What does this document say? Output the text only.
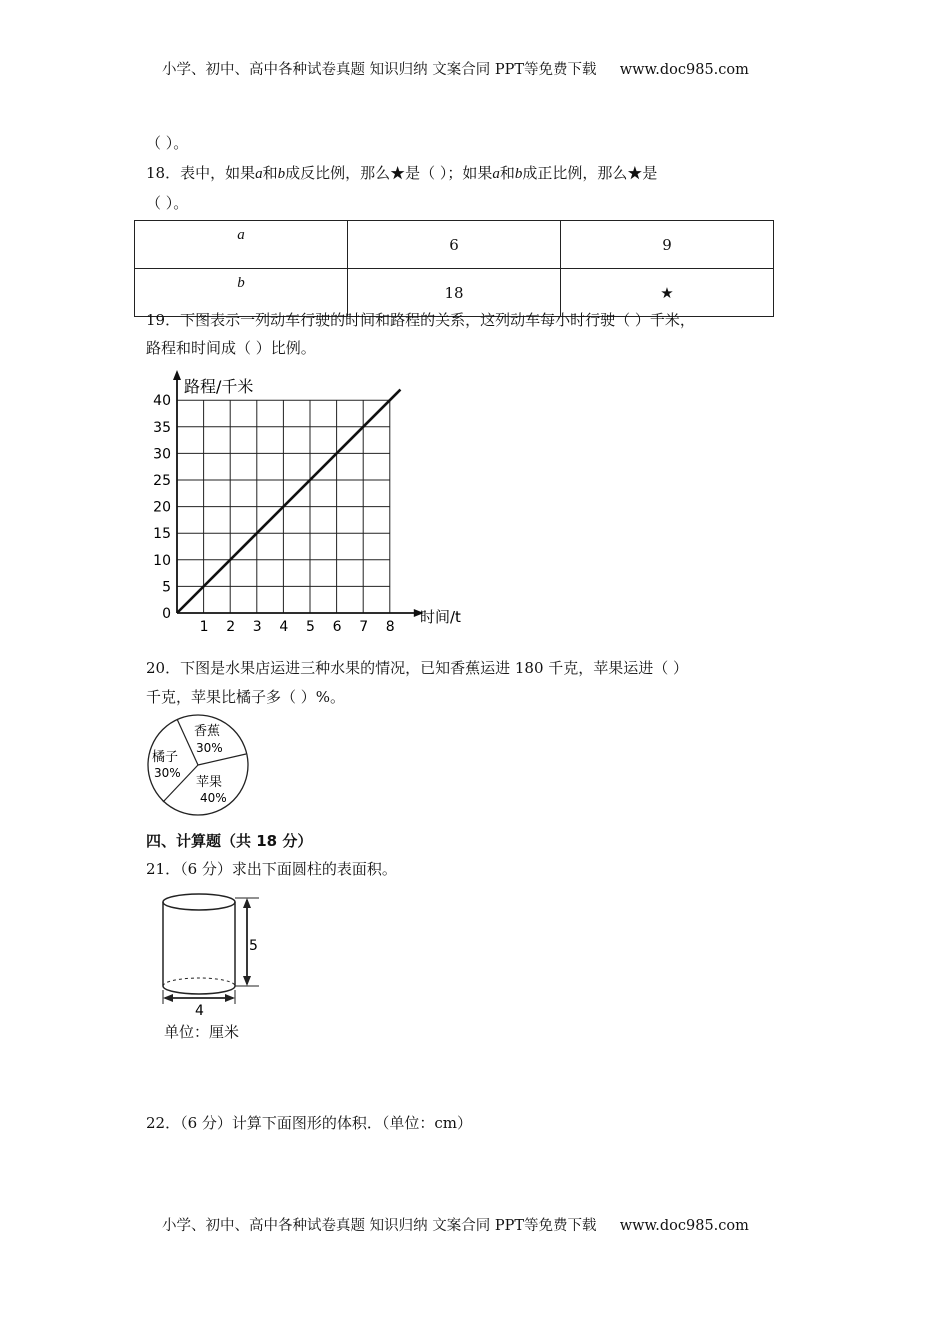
小学、初中、高中各种试卷真题 知识归纳 文案合同 PPT等免费下载 www.doc985.com
（ ）。
18．表中，如果a和b成反比例，那么★是（ ）；如果a和b成正比例，那么★是
（ ）。
a	6	9
b	18	★
19．下图表示一列动车行驶的时间和路程的关系，这列动车每小时行驶（ ）千米，
路程和时间成（ ）比例。
1 2 3 4 5 6 7 8
0
5
10
15
20
25
30
35
40
路程/千米
时间/t
20．下图是水果店运进三种水果的情况，已知香蕉运进 180 千克，苹果运进（ ）
千克，苹果比橘子多（ ）%。
香蕉
30%
橘子
30%
苹果
40%
四、计算题（共 18 分）
21．（6 分）求出下面圆柱的表面积。
5
4
单位：厘米
22．（6 分）计算下面图形的体积．（单位：cm）
小学、初中、高中各种试卷真题 知识归纳 文案合同 PPT等免费下载 www.doc985.com
